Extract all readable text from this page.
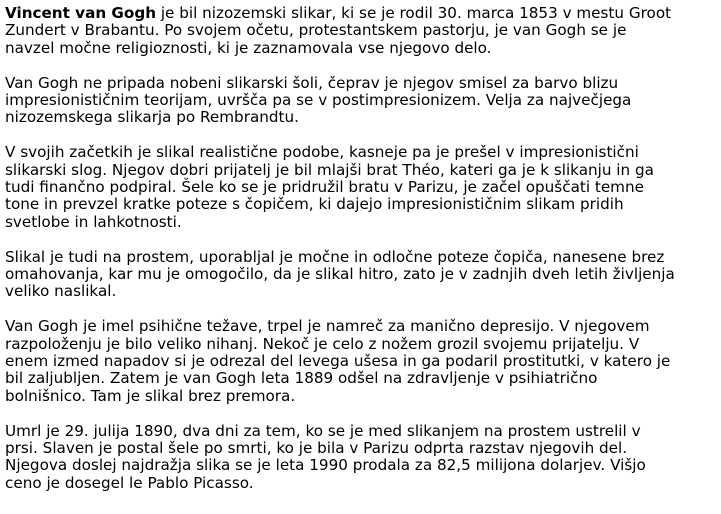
Vincent van Gogh je bil nizozemski slikar, ki se je rodil 30. marca 1853 v mestu Groot
Zundert v Brabantu. Po svojem očetu, protestantskem pastorju, je van Gogh se je
navzel močne religioznosti, ki je zaznamovala vse njegovo delo.

Van Gogh ne pripada nobeni slikarski šoli, čeprav je njegov smisel za barvo blizu
impresionističnim teorijam, uvršča pa se v postimpresionizem. Velja za največjega
nizozemskega slikarja po Rembrandtu.

V svojih začetkih je slikal realistične podobe, kasneje pa je prešel v impresionistični
slikarski slog. Njegov dobri prijatelj je bil mlajši brat Théo, kateri ga je k slikanju in ga
tudi finančno podpiral. Šele ko se je pridružil bratu v Parizu, je začel opuščati temne
tone in prevzel kratke poteze s čopičem, ki dajejo impresionističnim slikam pridih
svetlobe in lahkotnosti.

Slikal je tudi na prostem, uporabljal je močne in odločne poteze čopiča, nanesene brez
omahovanja, kar mu je omogočilo, da je slikal hitro, zato je v zadnjih dveh letih življenja
veliko naslikal.

Van Gogh je imel psihične težave, trpel je namreč za manično depresijo. V njegovem
razpoloženju je bilo veliko nihanj. Nekoč je celo z nožem grozil svojemu prijatelju. V
enem izmed napadov si je odrezal del levega ušesa in ga podaril prostitutki, v katero je
bil zaljubljen. Zatem je van Gogh leta 1889 odšel na zdravljenje v psihiatrično
bolnišnico. Tam je slikal brez premora.

Umrl je 29. julija 1890, dva dni za tem, ko se je med slikanjem na prostem ustrelil v
prsi. Slaven je postal šele po smrti, ko je bila v Parizu odprta razstav njegovih del.
Njegova doslej najdražja slika se je leta 1990 prodala za 82,5 milijona dolarjev. Višjo
ceno je dosegel le Pablo Picasso.
